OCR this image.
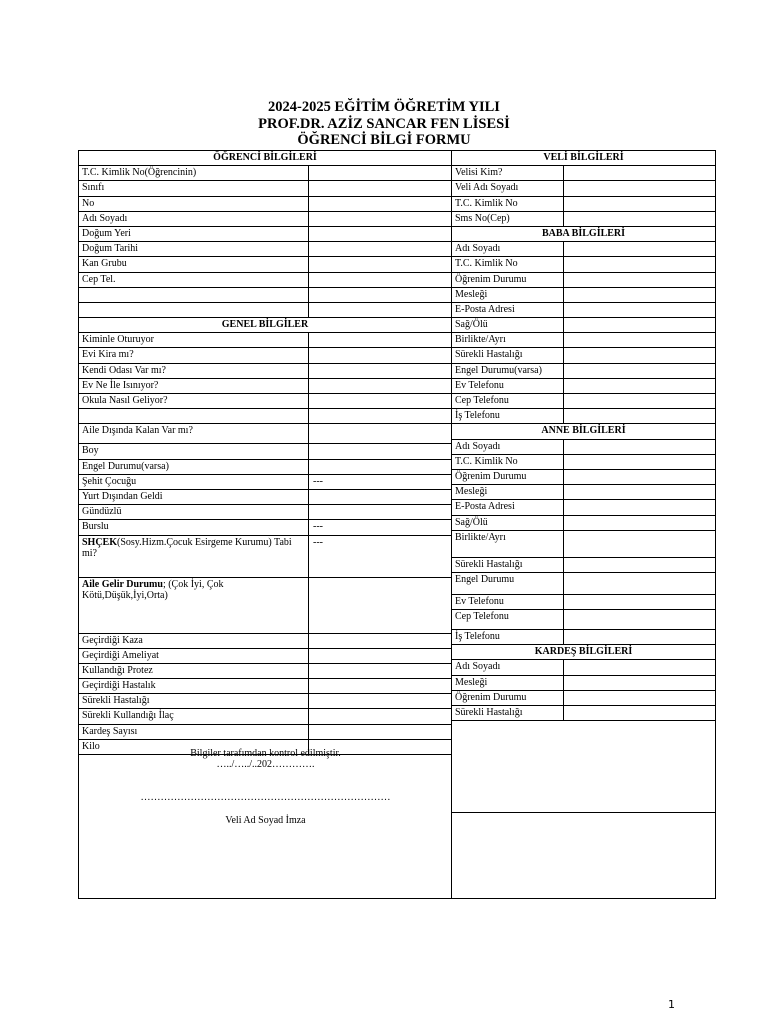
2024-2025 EĞİTİM ÖĞRETİM YILI
PROF.DR. AZİZ SANCAR FEN LİSESİ
ÖĞRENCİ BİLGİ FORMU
ÖĞRENCİ BİLGİLERİ
T.C. Kimlik No(Öğrencinin)
Sınıfı
No
Adı Soyadı
Doğum Yeri
Doğum Tarihi
Kan Grubu
Cep Tel.
GENEL BİLGİLER
Kiminle Oturuyor
Evi Kira mı?
Kendi Odası Var mı?
Ev Ne İle Isınıyor?
Okula Nasıl Geliyor?
Aile Dışında Kalan Var mı?
Boy
Engel Durumu(varsa)
Şehit Çocuğu	---
Yurt Dışından Geldi
Gündüzlü
Burslu	---
SHÇEK(Sosy.Hizm.Çocuk Esirgeme Kurumu) Tabi mi?
---
Aile Gelir Durumu; (Çok İyi, Çok Kötü,Düşük,İyi,Orta)
Geçirdiği Kaza
Geçirdiği Ameliyat
Kullandığı Protez
Geçirdiği Hastalık
Sürekli Hastalığı
Sürekli Kullandığı İlaç
Kardeş Sayısı
Kilo
VELİ BİLGİLERİ
Velisi Kim?
Veli Adı Soyadı
T.C. Kimlik No
Sms No(Cep)
BABA BİLGİLERİ
Adı Soyadı
T.C. Kimlik No
Öğrenim Durumu
Mesleği
E-Posta Adresi
Sağ/Ölü
Birlikte/Ayrı
Sürekli Hastalığı
Engel Durumu(varsa)
Ev Telefonu
Cep Telefonu
İş Telefonu
ANNE BİLGİLERİ
Adı Soyadı
T.C. Kimlik No
Öğrenim Durumu
Mesleği
E-Posta Adresi
Sağ/Ölü
Birlikte/Ayrı
Sürekli Hastalığı
Engel Durumu
Ev Telefonu
Cep Telefonu
İş Telefonu
KARDEŞ BİLGİLERİ
Adı Soyadı
Mesleği
Öğrenim Durumu
Sürekli Hastalığı
Bilgiler tarafımdan kontrol edilmiştir.
…../…../..202………….
…………………………………………………………………
Veli Ad Soyad İmza
1
